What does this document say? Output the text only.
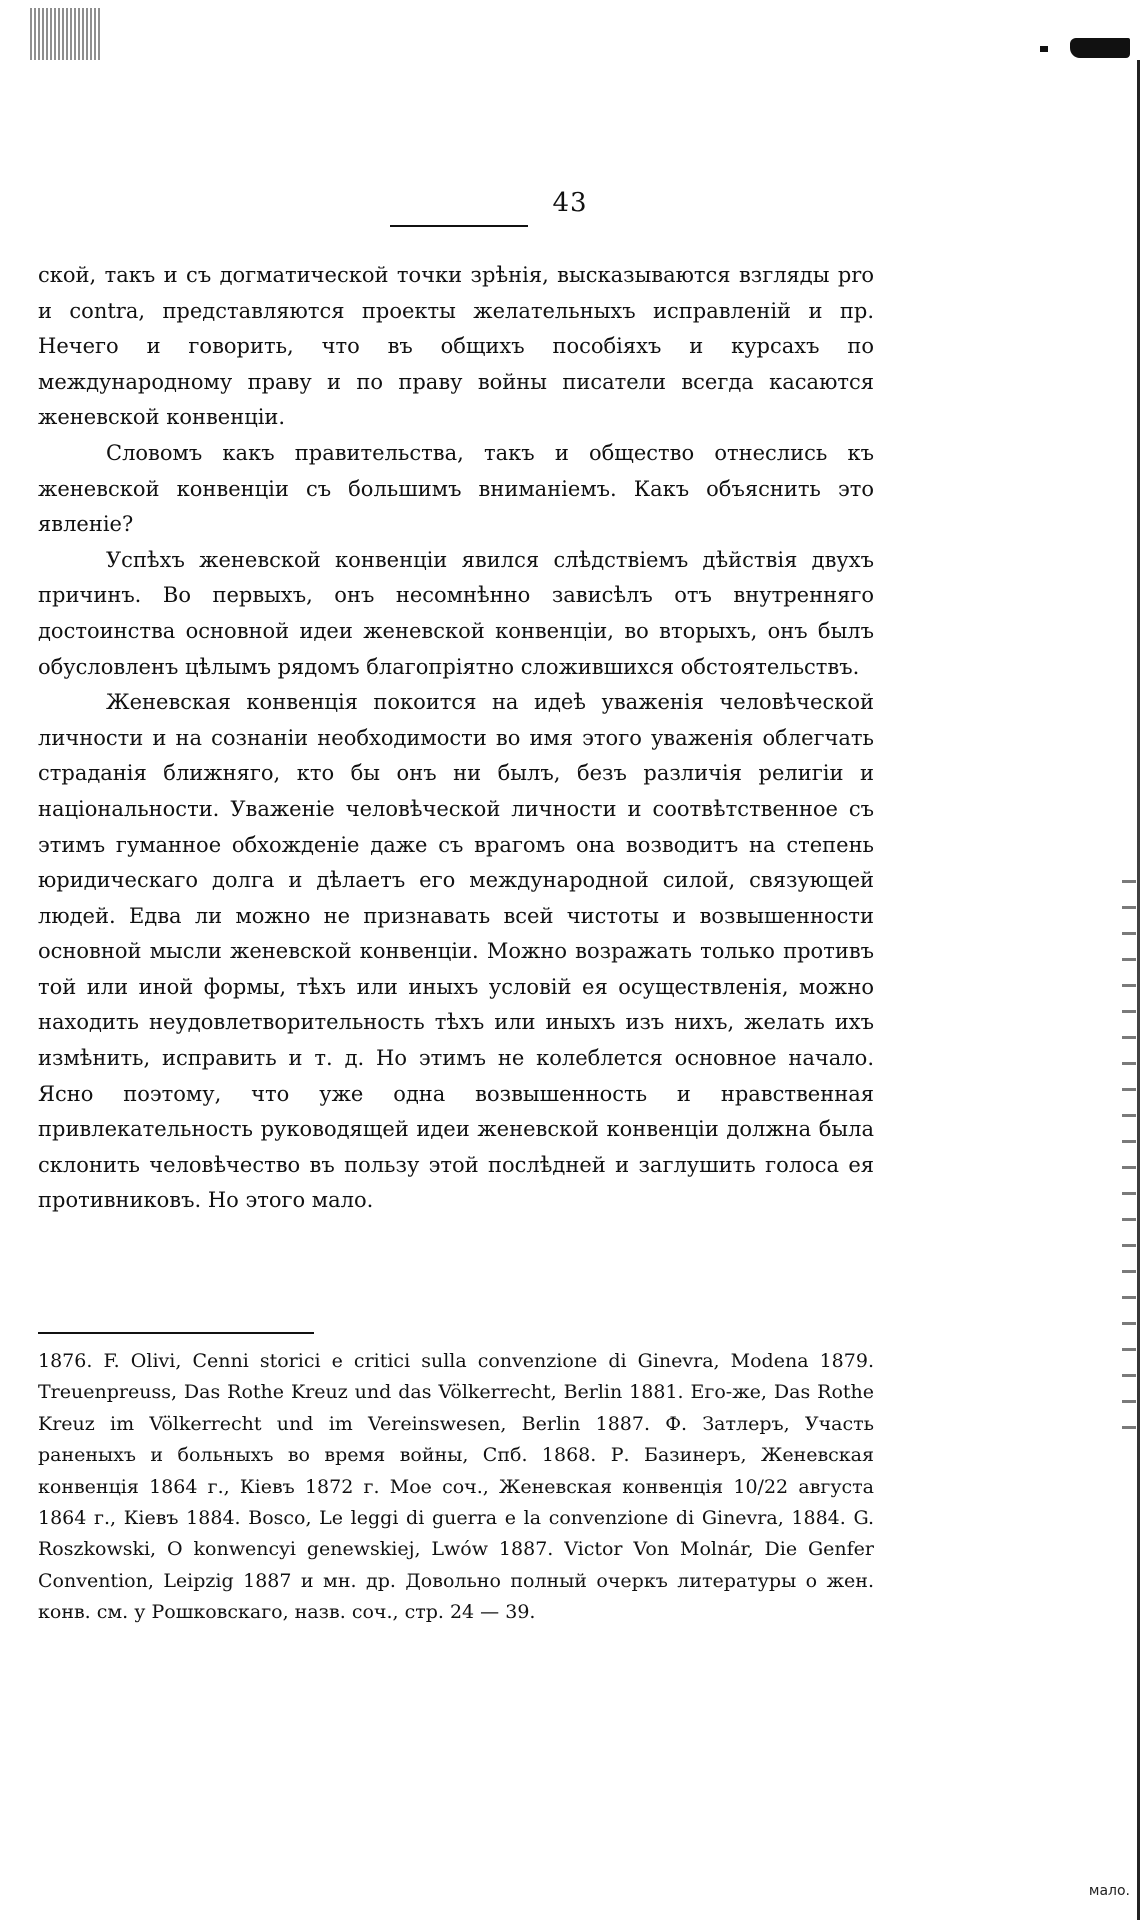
43

ской, такъ и съ догматической точки зрѣнія, высказываются взгляды pro и contra, представляются проекты желательныхъ исправленій и пр. Нечего и говорить, что въ общихъ пособіяхъ и курсахъ по международному праву и по праву войны писатели всегда касаются женевской конвенціи.

Словомъ какъ правительства, такъ и общество отнеслись къ женевской конвенціи съ большимъ вниманіемъ. Какъ объяснить это явленіе?

Успѣхъ женевской конвенціи явился слѣдствіемъ дѣйствія двухъ причинъ. Во первыхъ, онъ несомнѣнно зависѣлъ отъ внутренняго достоинства основной идеи женевской конвенціи, во вторыхъ, онъ былъ обусловленъ цѣлымъ рядомъ благопріятно сложившихся обстоятельствъ.

Женевская конвенція покоится на идеѣ уваженія человѣческой личности и на сознаніи необходимости во имя этого уваженія облегчать страданія ближняго, кто бы онъ ни былъ, безъ различія религіи и національности. Уваженіе человѣческой личности и соотвѣтственное съ этимъ гуманное обхожденіе даже съ врагомъ она возводитъ на степень юридическаго долга и дѣлаетъ его международной силой, связующей людей. Едва ли можно не признавать всей чистоты и возвышенности основной мысли женевской конвенціи. Можно возражать только противъ той или иной формы, тѣхъ или иныхъ условій ея осуществленія, можно находить неудовлетворительность тѣхъ или иныхъ изъ нихъ, желать ихъ измѣнить, исправить и т. д. Но этимъ не колеблется основное начало. Ясно поэтому, что уже одна возвышенность и нравственная привлекательность руководящей идеи женевской конвенціи должна была склонить человѣчество въ пользу этой послѣдней и заглушить голоса ея противниковъ. Но этого мало.

1876. F. Olivi, Cenni storici e critici sulla convenzione di Ginevra, Modena 1879. Treuenpreuss, Das Rothe Kreuz und das Völkerrecht, Berlin 1881. Его-же, Das Rothe Kreuz im Völkerrecht und im Vereinswesen, Berlin 1887. Ф. Затлеръ, Участь раненыхъ и больныхъ во время войны, Спб. 1868. Р. Базинеръ, Женевская конвенція 1864 г., Кіевъ 1872 г. Мое соч., Женевская конвенція 10/22 августа 1864 г., Кіевъ 1884. Bosco, Le leggi di guerra e la convenzione di Ginevra, 1884. G. Roszkowski, O konwencyi genewskiej, Lwów 1887. Victor Von Molnár, Die Genfer Convention, Leipzig 1887 и мн. др. Довольно полный очеркъ литературы о жен. конв. см. у Рошковскаго, назв. соч., стр. 24 — 39.

мало.
